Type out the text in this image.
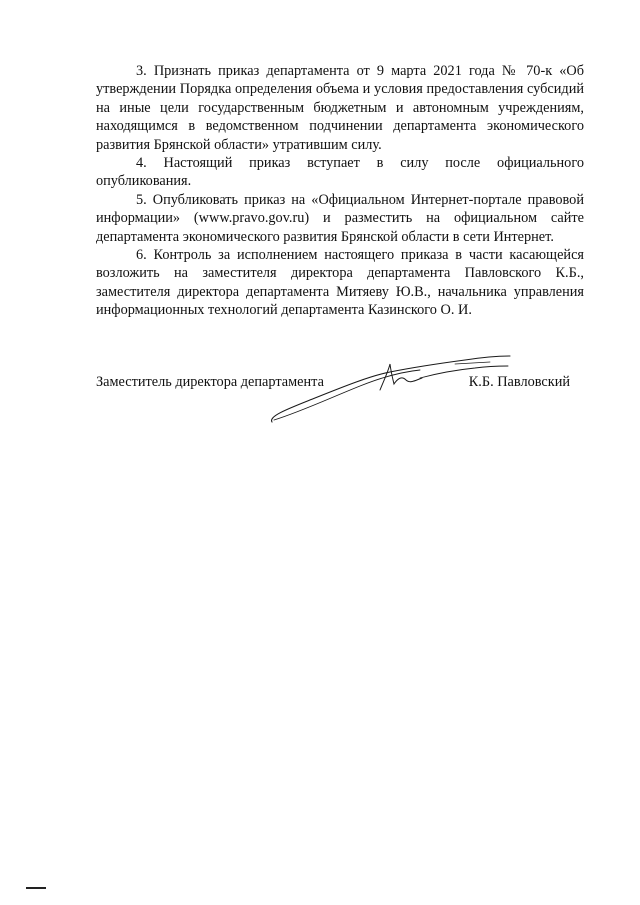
3. Признать приказ департамента от 9 марта 2021 года № 70-к «Об утверждении Порядка определения объема и условия предоставления субсидий на иные цели государственным бюджетным и автономным учреждениям, находящимся в ведомственном подчинении департамента экономического развития Брянской области» утратившим силу.

4. Настоящий приказ вступает в силу после официального опубликования.

5. Опубликовать приказ на «Официальном Интернет-портале правовой информации» (www.pravo.gov.ru) и разместить на официальном сайте департамента экономического развития Брянской области в сети Интернет.

6. Контроль за исполнением настоящего приказа в части касающейся возложить на заместителя директора департамента Павловского К.Б., заместителя директора департамента Митяеву Ю.В., начальника управления информационных технологий департамента Казинского О. И.

Заместитель директора департамента	К.Б. Павловский
